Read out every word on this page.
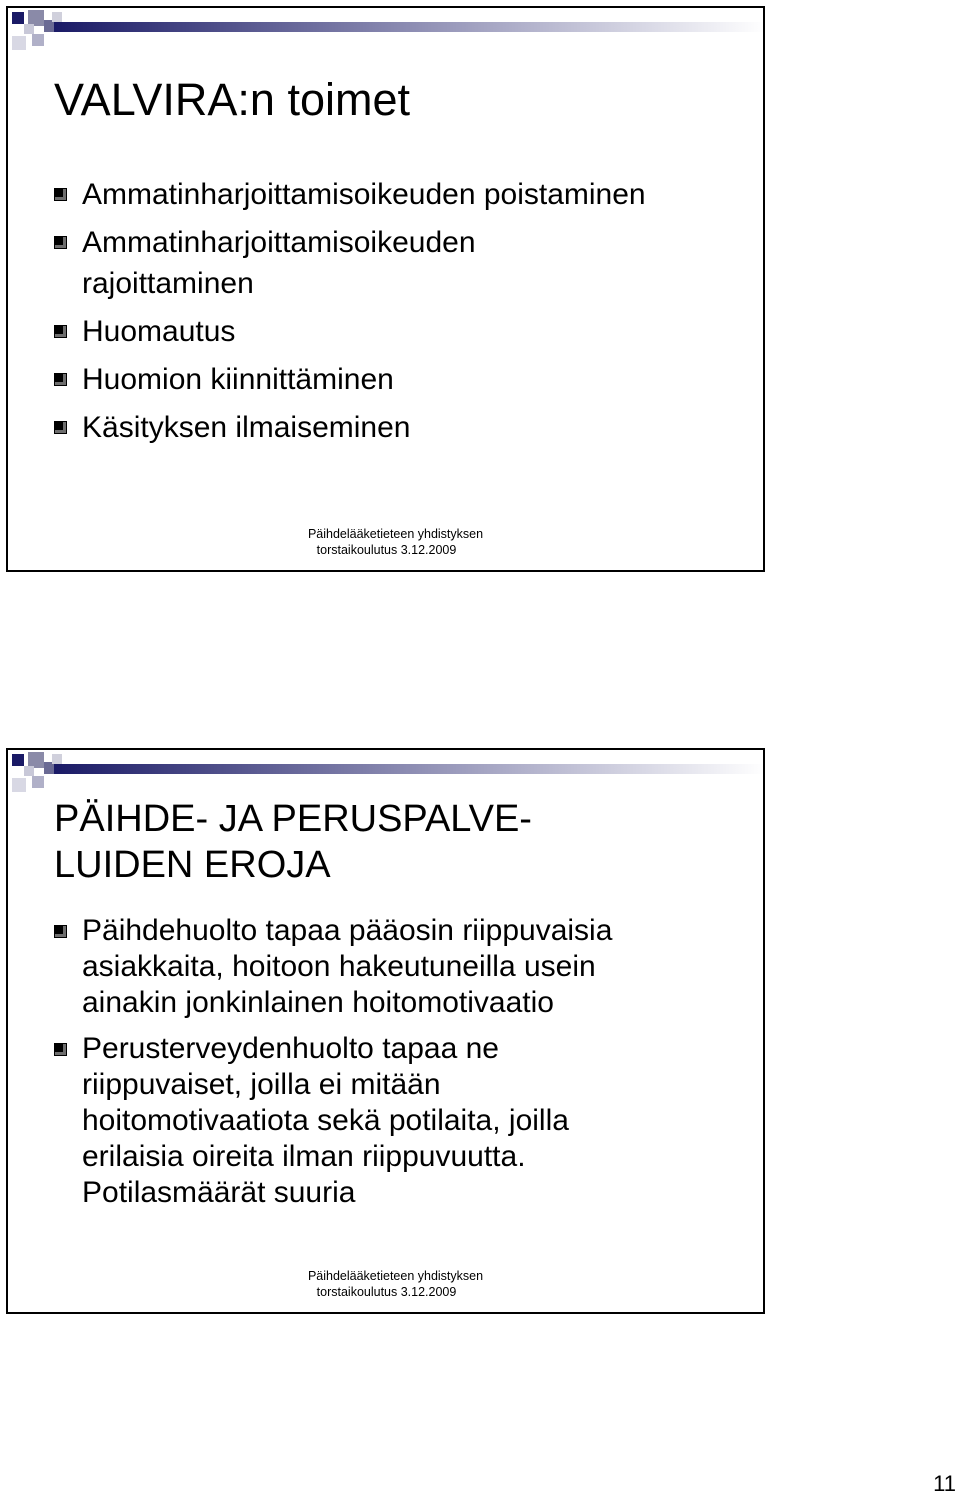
VALVIRA:n toimet
Ammatinharjoittamisoikeuden poistaminen
Ammatinharjoittamisoikeuden
rajoittaminen
Huomautus
Huomion kiinnittäminen
Käsityksen ilmaiseminen
Päihdelääketieteen yhdistyksen
torstaikoulutus 3.12.2009
PÄIHDE- JA PERUSPALVE-
LUIDEN EROJA
Päihdehuolto tapaa pääosin riippuvaisia
asiakkaita, hoitoon hakeutuneilla usein
ainakin jonkinlainen hoitomotivaatio
Perusterveydenhuolto tapaa ne
riippuvaiset, joilla ei mitään
hoitomotivaatiota sekä potilaita, joilla
erilaisia oireita ilman riippuvuutta.
Potilasmäärät suuria
Päihdelääketieteen yhdistyksen
torstaikoulutus 3.12.2009
11
